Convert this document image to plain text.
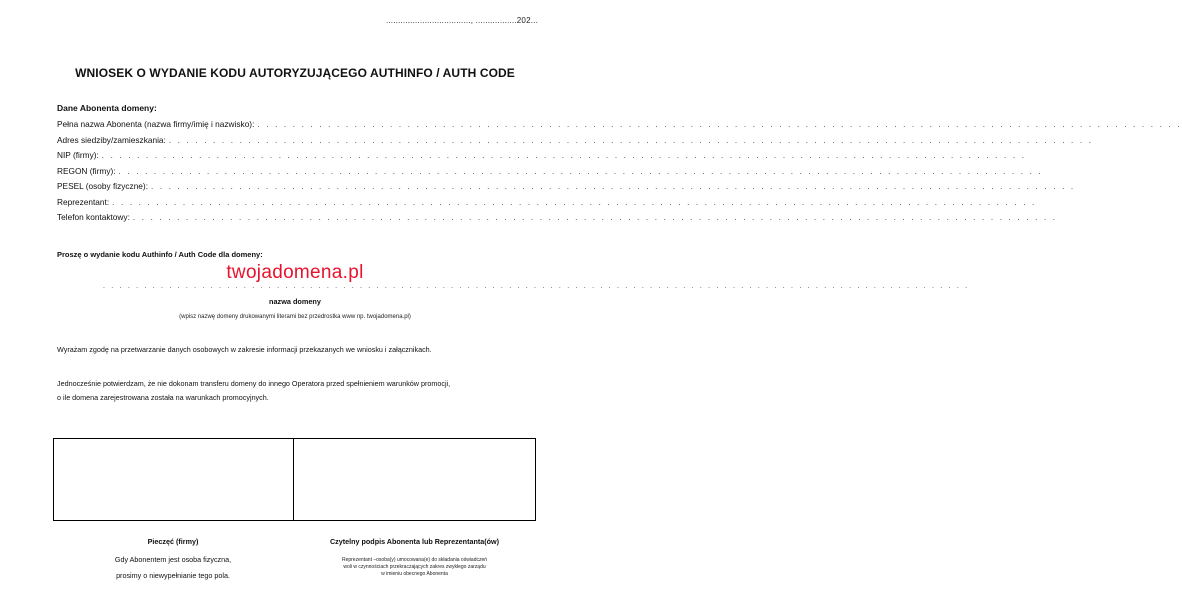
..................................., .................202...
WNIOSEK O WYDANIE KODU AUTORYZUJĄCEGO AUTHINFO / AUTH CODE
Dane Abonenta domeny:
Pełna nazwa Abonenta (nazwa firmy/imię i nazwisko): . . . . . . . . . . . . . . . . . . . . . . . . . . . . . . . . . . . . . . . . . . . . . . . . . . . . . . . . . . . . . . . . . . . . . . . . . . . . . . . . . . . . . . . . . . . . . . . . . . . . . . . . .
Adres siedziby/zamieszkania: . . . . . . . . . . . . . . . . . . . . . . . . . . . . . . . . . . . . . . . . . . . . . . . . . . . . . . . . . . . . . . . . . . . . . . . . . . . . . . . . . . . . . . . . . . . . . . . . . . . . . . . . .
NIP (firmy): . . . . . . . . . . . . . . . . . . . . . . . . . . . . . . . . . . . . . . . . . . . . . . . . . . . . . . . . . . . . . . . . . . . . . . . . . . . . . . . . . . . . . . . . . . . . . . . . . . . . . . . . .
REGON (firmy): . . . . . . . . . . . . . . . . . . . . . . . . . . . . . . . . . . . . . . . . . . . . . . . . . . . . . . . . . . . . . . . . . . . . . . . . . . . . . . . . . . . . . . . . . . . . . . . . . . . . . . . . .
PESEL (osoby fizyczne): . . . . . . . . . . . . . . . . . . . . . . . . . . . . . . . . . . . . . . . . . . . . . . . . . . . . . . . . . . . . . . . . . . . . . . . . . . . . . . . . . . . . . . . . . . . . . . . . . . . . . . . . .
Reprezentant: . . . . . . . . . . . . . . . . . . . . . . . . . . . . . . . . . . . . . . . . . . . . . . . . . . . . . . . . . . . . . . . . . . . . . . . . . . . . . . . . . . . . . . . . . . . . . . . . . . . . . . . . .
Telefon kontaktowy: . . . . . . . . . . . . . . . . . . . . . . . . . . . . . . . . . . . . . . . . . . . . . . . . . . . . . . . . . . . . . . . . . . . . . . . . . . . . . . . . . . . . . . . . . . . . . . . . . . . . . . . . .
Proszę o wydanie kodu Authinfo / Auth Code dla domeny:
twojadomena.pl
. . . . . . . . . . . . . . . . . . . . . . . . . . . . . . . . . . . . . . . . . . . . . . . . . . . . . . . . . . . . . . . . . . . . . . . . . . . . . . . . . . . . . . . . . . . . . . . . . . . . . . . . .
nazwa domeny
(wpisz nazwę domeny drukowanymi literami bez przedrostka www np. twojadomena.pl)
Wyrażam zgodę na przetwarzanie danych osobowych w zakresie informacji przekazanych we wniosku i załącznikach.
Jednocześnie potwierdzam, że nie dokonam transferu domeny do innego Operatora przed spełnieniem warunków promocji,
o ile domena zarejestrowana została na warunkach promocyjnych.
Pieczęć (firmy)
Gdy Abonentem jest osoba fizyczna,
prosimy o niewypełnianie tego pola.
Czytelny podpis Abonenta lub Reprezentanta(ów)
Reprezentant –osoba(y) umocowana(e) do składania oświadczeń
woli w czynnościach przekraczających zakres zwykłego zarządu
w imieniu obecnego Abonenta
